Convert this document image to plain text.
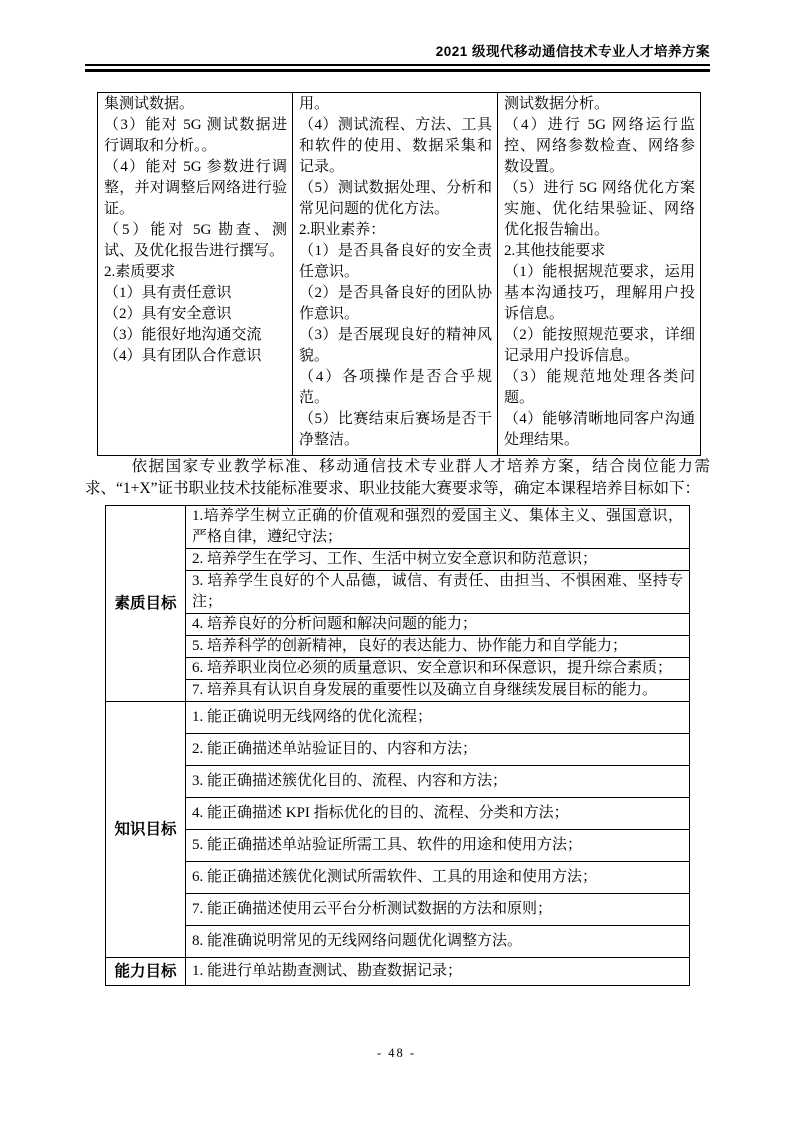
2021 级现代移动通信技术专业人才培养方案
集测试数据。
（3）能对 5G 测试数据进行调取和分析。。
（4）能对 5G 参数进行调整，并对调整后网络进行验证。
（5）能对 5G 勘查、测试、及优化报告进行撰写。
2.素质要求
（1）具有责任意识
（2）具有安全意识
（3）能很好地沟通交流
（4）具有团队合作意识

用。
（4）测试流程、方法、工具和软件的使用、数据采集和记录。
（5）测试数据处理、分析和常见问题的优化方法。
2.职业素养：
（1）是否具备良好的安全责任意识。
（2）是否具备良好的团队协作意识。
（3）是否展现良好的精神风貌。
（4）各项操作是否合乎规范。
（5）比赛结束后赛场是否干净整洁。

测试数据分析。
（4）进行 5G 网络运行监控、网络参数检查、网络参数设置。
（5）进行 5G 网络优化方案实施、优化结果验证、网络优化报告输出。
2.其他技能要求
（1）能根据规范要求，运用基本沟通技巧，理解用户投诉信息。
（2）能按照规范要求，详细记录用户投诉信息。
（3）能规范地处理各类问题。
（4）能够清晰地同客户沟通处理结果。

依据国家专业教学标准、移动通信技术专业群人才培养方案，结合岗位能力需求、“1+X”证书职业技术技能标准要求、职业技能大赛要求等，确定本课程培养目标如下：

素质目标	1.培养学生树立正确的价值观和强烈的爱国主义、集体主义、强国意识，严格自律，遵纪守法；
	2. 培养学生在学习、工作、生活中树立安全意识和防范意识；
	3. 培养学生良好的个人品德，诚信、有责任、由担当、不惧困难、坚持专注；
	4. 培养良好的分析问题和解决问题的能力；
	5. 培养科学的创新精神，良好的表达能力、协作能力和自学能力；
	6. 培养职业岗位必须的质量意识、安全意识和环保意识，提升综合素质；
	7. 培养具有认识自身发展的重要性以及确立自身继续发展目标的能力。
知识目标	1. 能正确说明无线网络的优化流程；
	2. 能正确描述单站验证目的、内容和方法；
	3. 能正确描述簇优化目的、流程、内容和方法；
	4. 能正确描述 KPI 指标优化的目的、流程、分类和方法；
	5. 能正确描述单站验证所需工具、软件的用途和使用方法；
	6. 能正确描述簇优化测试所需软件、工具的用途和使用方法；
	7. 能正确描述使用云平台分析测试数据的方法和原则；
	8. 能准确说明常见的无线网络问题优化调整方法。
能力目标	1. 能进行单站勘查测试、勘查数据记录；
- 48 -
